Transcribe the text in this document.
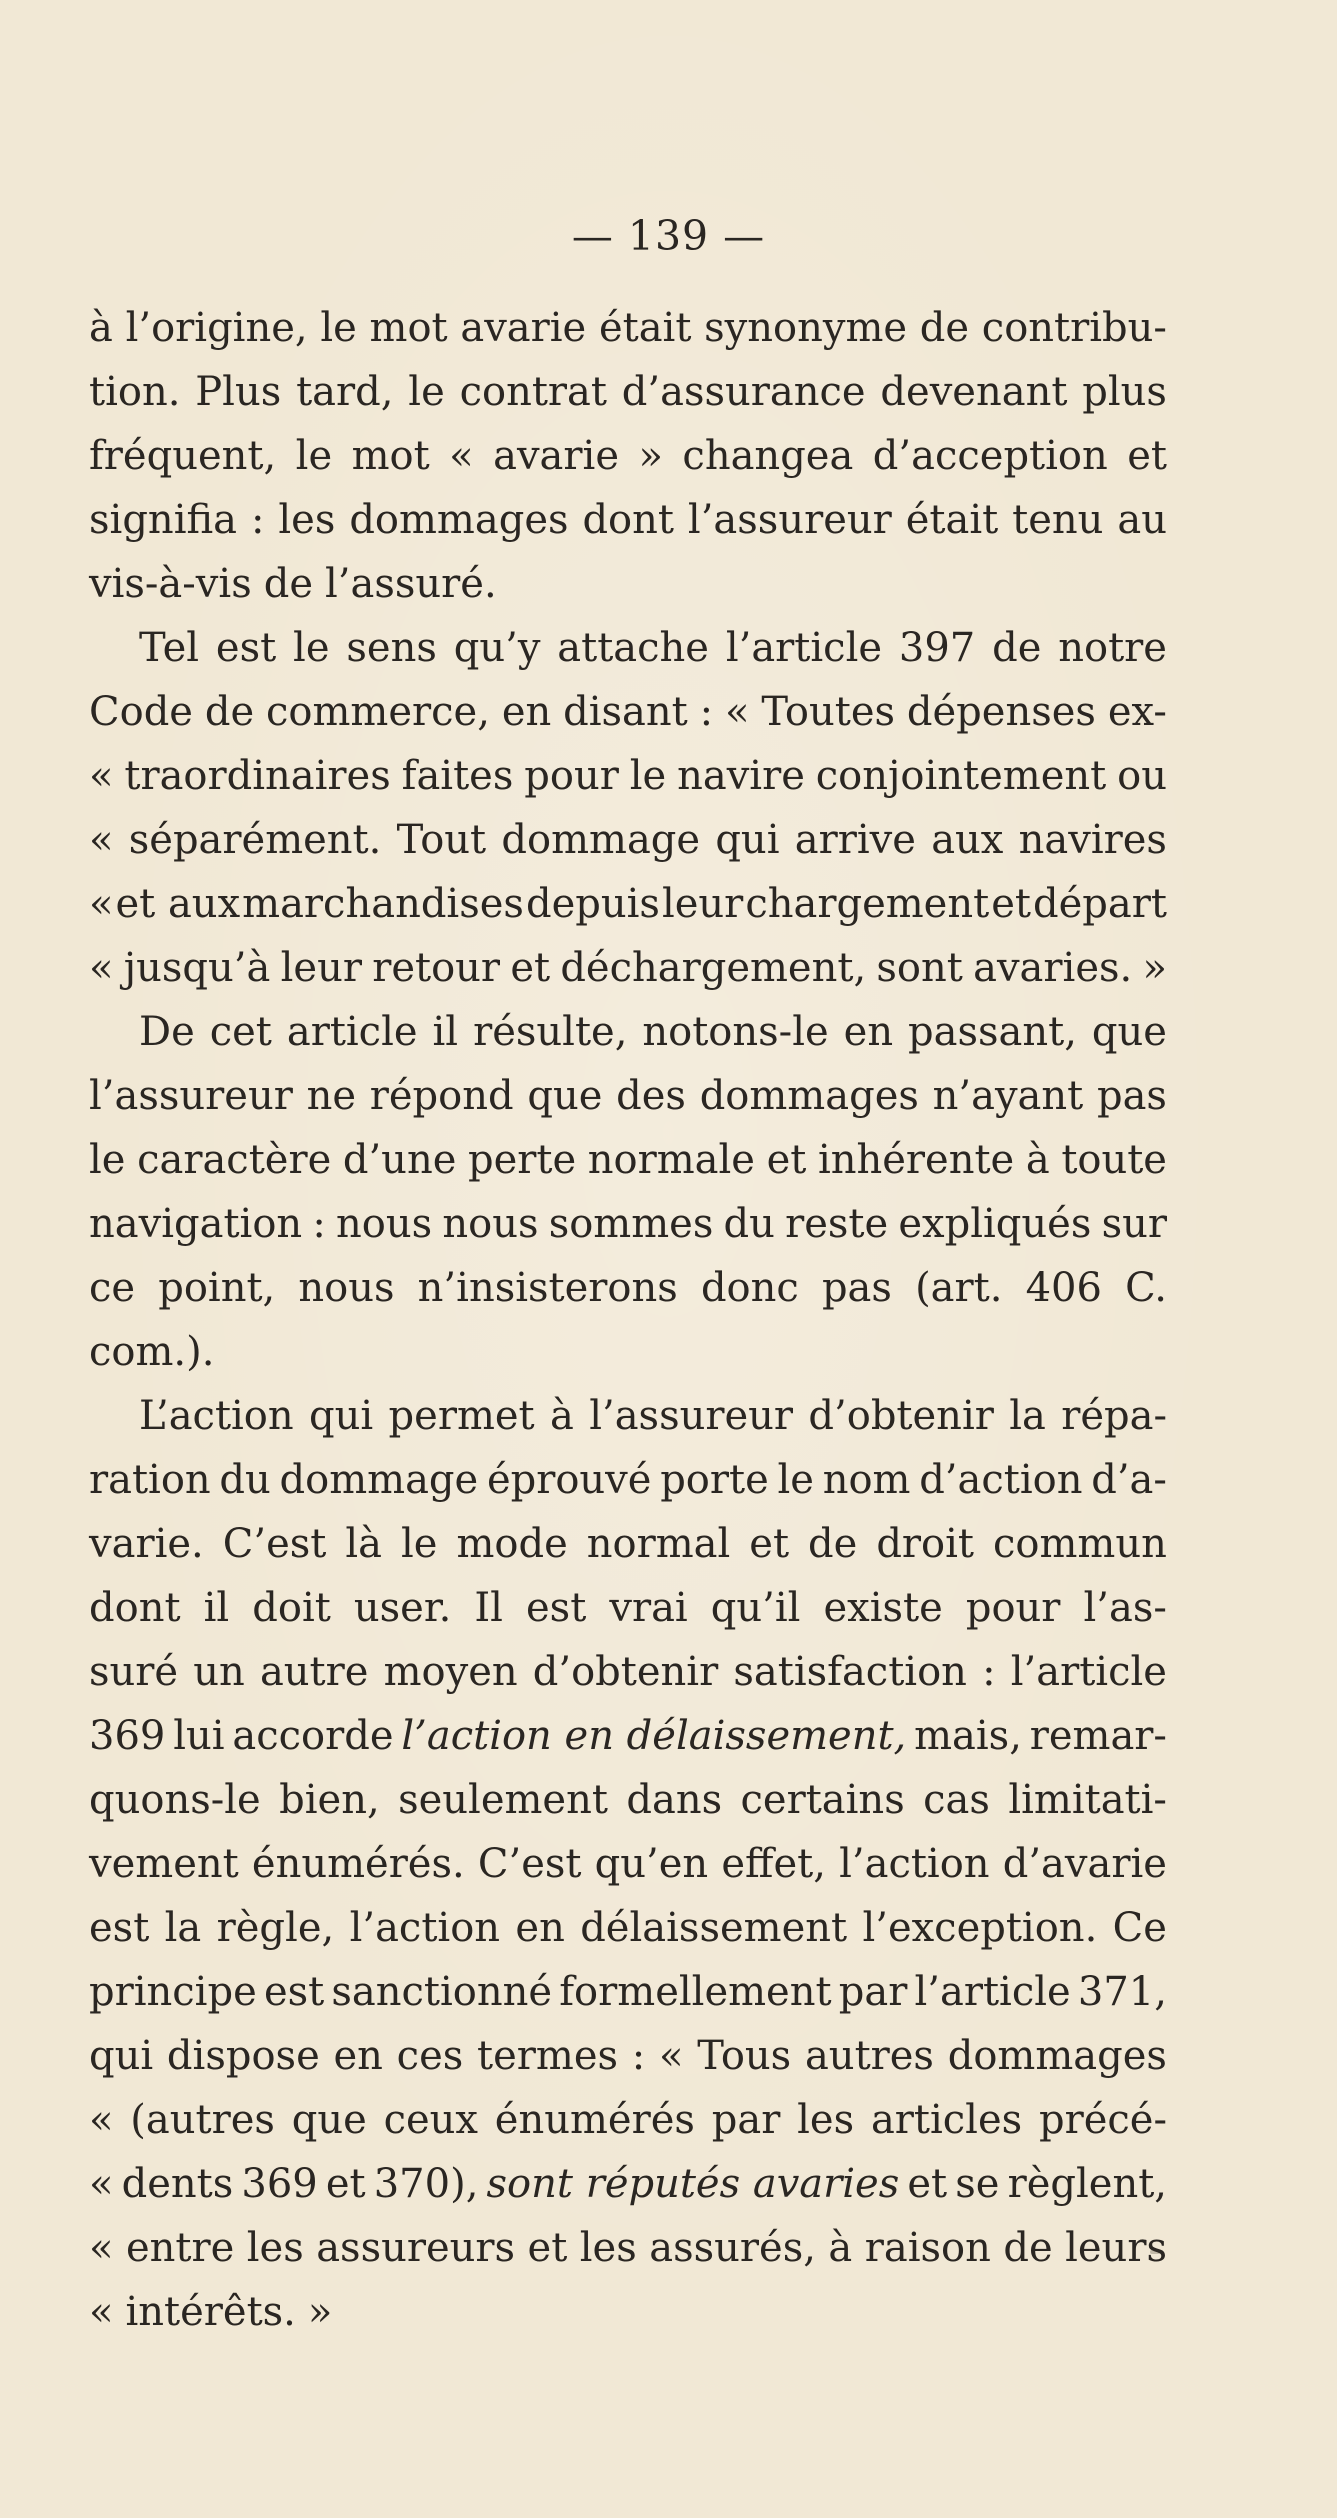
— 139 —
à l’origine, le mot avarie était synonyme de contribu-
tion. Plus tard, le contrat d’assurance devenant plus
fréquent, le mot « avarie » changea d’acception et
signifia : les dommages dont l’assureur était tenu au
vis-à-vis de l’assuré.
Tel est le sens qu’y attache l’article 397 de notre
Code de commerce, en disant : « Toutes dépenses ex-
« traordinaires faites pour le navire conjointement ou
« séparément. Tout dommage qui arrive aux navires
« et aux marchandises depuis leur chargement et départ
« jusqu’à leur retour et déchargement, sont avaries. »
De cet article il résulte, notons-le en passant, que
l’assureur ne répond que des dommages n’ayant pas
le caractère d’une perte normale et inhérente à toute
navigation : nous nous sommes du reste expliqués sur
ce point, nous n’insisterons donc pas (art. 406 C.
com.).
L’action qui permet à l’assureur d’obtenir la répa-
ration du dommage éprouvé porte le nom d’action d’a-
varie. C’est là le mode normal et de droit commun
dont il doit user. Il est vrai qu’il existe pour l’as-
suré un autre moyen d’obtenir satisfaction : l’article
369 lui accorde l’action en délaissement, mais, remar-
quons-le bien, seulement dans certains cas limitati-
vement énumérés. C’est qu’en effet, l’action d’avarie
est la règle, l’action en délaissement l’exception. Ce
principe est sanctionné formellement par l’article 371,
qui dispose en ces termes : « Tous autres dommages
« (autres que ceux énumérés par les articles précé-
« dents 369 et 370), sont réputés avaries et se règlent,
« entre les assureurs et les assurés, à raison de leurs
« intérêts. »
